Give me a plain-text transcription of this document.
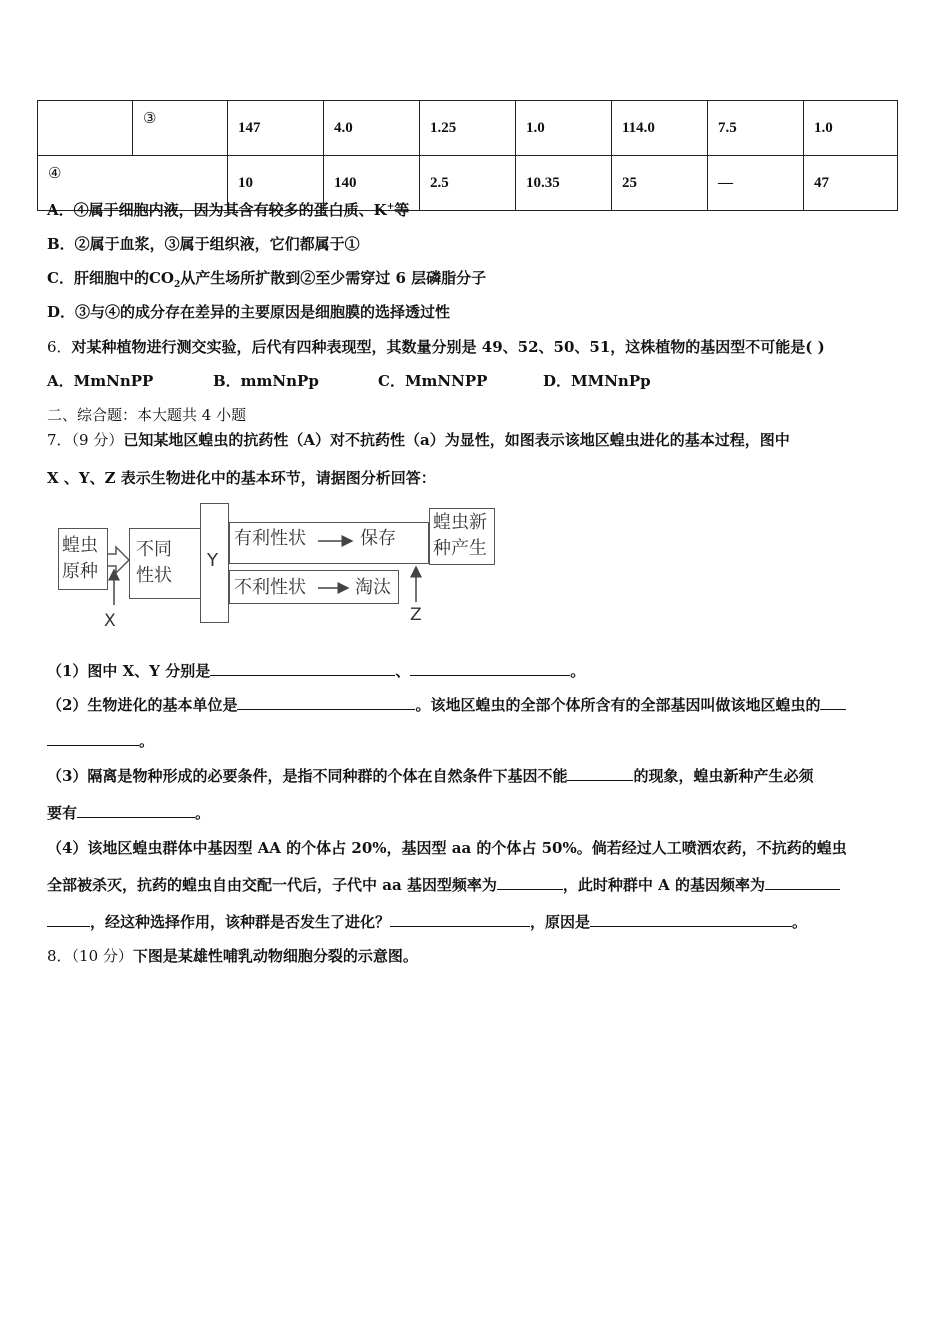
	③	147	4.0	1.25	1.0	114.0	7.5	1.0
④		10	140	2.5	10.35	25	—	47
A．④属于细胞内液，因为其含有较多的蛋白质、K+等
B．②属于血浆，③属于组织液，它们都属于①
C．肝细胞中的$CO_2$从产生场所扩散到②至少需穿过 6 层磷脂分子
D．③与④的成分存在差异的主要原因是细胞膜的选择透过性
6．对某种植物进行测交实验，后代有四种表现型，其数量分别是 49、52、50、51，这株植物的基因型不可能是( )
A．MmNnPP	B．mmNnPp	C．MmNNPP	D．MMNnPp
二、综合题：本大题共 4 小题
7．（9 分）已知某地区蝗虫的抗药性（A）对不抗药性（a）为显性，如图表示该地区蝗虫进化的基本过程，图中
X 、Y、Z 表示生物进化中的基本环节，请据图分析回答：
蝗虫
原种
不同
性状
Y
有利性状	保存
不利性状	淘汰
蝗虫新
种产生
X	Z
（1）图中 X、Y 分别是	、	。
（2）生物进化的基本单位是	。该地区蝗虫的全部个体所含有的全部基因叫做该地区蝗虫的
。
（3）隔离是物种形成的必要条件，是指不同种群的个体在自然条件下基因不能	的现象，蝗虫新种产生必须
要有	。
（4）该地区蝗虫群体中基因型 AA 的个体占 20%，基因型 aa 的个体占 50%。倘若经过人工喷洒农药，不抗药的蝗虫
全部被杀灭，抗药的蝗虫自由交配一代后，子代中 aa 基因型频率为	，此时种群中 A 的基因频率为
，经这种选择作用，该种群是否发生了进化？	，原因是	。
8．（10 分）下图是某雄性哺乳动物细胞分裂的示意图。
